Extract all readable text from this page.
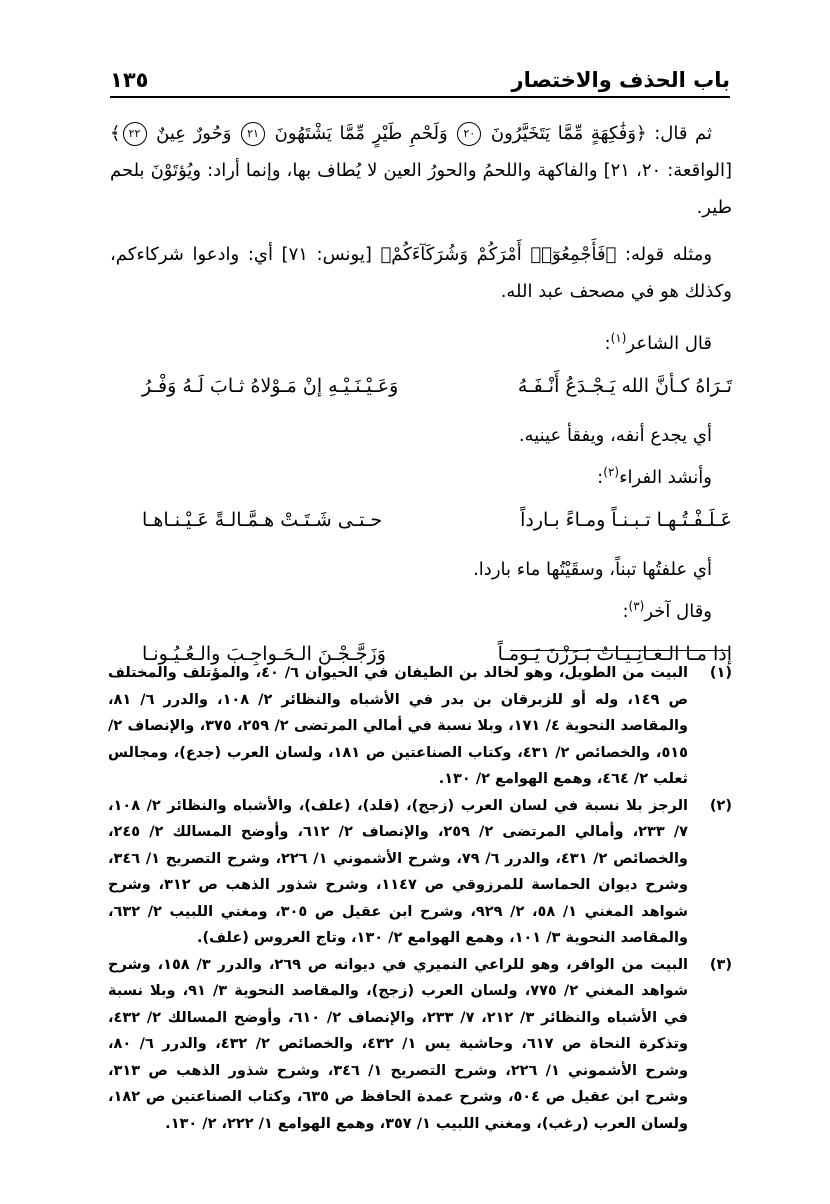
باب الحذف والاختصار
١٣٥

ثم قال: ﴿وَفَٰكِهَةٍ مِّمَّا يَتَخَيَّرُونَ ٢٠ وَلَحْمِ طَيْرٍ مِّمَّا يَشْتَهُونَ ٢١ وَحُورٌ عِينٌ ٢٢﴾ [الواقعة: ٢٠، ٢١] والفاكهة واللحمُ والحورُ العين لا يُطاف بها، وإنما أراد: ويُؤتَوْنَ بلحم طير.

ومثله قوله: ﴿فَأَجْمِعُوٓا۟ أَمْرَكُمْ وَشُرَكَآءَكُمْ﴾ [يونس: ٧١] أي: وادعوا شركاءكم، وكذلك هو في مصحف عبد الله.

قال الشاعر$^{(١)}$:
تَـرَاهُ كـأنَّ الله يَـجْـدَعُ أَنْـفَـهُ
وَعَـيْـنَـيْـهِ إنْ مَـوْلاهُ ثـابَ لَـهُ وَفْـرُ
أي يجدع أنفه، ويفقأ عينيه.
وأنشد الفراء$^{(٢)}$:
عَـلَـفْـتُـهـا تـبـنـاً ومـاءً بـارداً
حـتـى شَـتَـتْ هـمَّـالـةً عَـيْـنـاهـا
أي علفتُها تبناً، وسقَيْتُها ماء باردا.
وقال آخر$^{(٣)}$:
إذا مـا الـغـانِـيـاتُ بَـرَزْنَ يَـومـاً
وَزَجَّـجْـنَ الـحَـواجِـبَ والـعُـيُـونـا
(١)
البيت من الطويل، وهو لخالد بن الطيفان في الحيوان ٦/ ٤٠، والمؤتلف والمختلف ص ١٤٩، وله أو للزبرقان بن بدر في الأشباه والنظائر ٢/ ١٠٨، والدرر ٦/ ٨١، والمقاصد النحوية ٤/ ١٧١، وبلا نسبة في أمالي المرتضى ٢/ ٢٥٩، ٣٧٥، والإنصاف ٢/ ٥١٥، والخصائص ٢/ ٤٣١، وكتاب الصناعتين ص ١٨١، ولسان العرب (جدع)، ومجالس ثعلب ٢/ ٤٦٤، وهمع الهوامع ٢/ ١٣٠.
(٢)
الرجز بلا نسبة في لسان العرب (زجج)، (قلد)، (علف)، والأشباه والنظائر ٢/ ١٠٨، ٧/ ٢٣٣، وأمالي المرتضى ٢/ ٢٥٩، والإنصاف ٢/ ٦١٢، وأوضح المسالك ٢/ ٢٤٥، والخصائص ٢/ ٤٣١، والدرر ٦/ ٧٩، وشرح الأشموني ١/ ٢٢٦، وشرح التصريح ١/ ٣٤٦، وشرح ديوان الحماسة للمرزوقي ص ١١٤٧، وشرح شذور الذهب ص ٣١٢، وشرح شواهد المغني ١/ ٥٨، ٢/ ٩٢٩، وشرح ابن عقيل ص ٣٠٥، ومغني اللبيب ٢/ ٦٣٢، والمقاصد النحوية ٣/ ١٠١، وهمع الهوامع ٢/ ١٣٠، وتاج العروس (علف).
(٣)
البيت من الوافر، وهو للراعي النميري في ديوانه ص ٢٦٩، والدرر ٣/ ١٥٨، وشرح شواهد المغني ٢/ ٧٧٥، ولسان العرب (زجج)، والمقاصد النحوية ٣/ ٩١، وبلا نسبة في الأشباه والنظائر ٣/ ٢١٢، ٧/ ٢٣٣، والإنصاف ٢/ ٦١٠، وأوضح المسالك ٢/ ٤٣٢، وتذكرة النحاة ص ٦١٧، وحاشية يس ١/ ٤٣٢، والخصائص ٢/ ٤٣٢، والدرر ٦/ ٨٠، وشرح الأشموني ١/ ٢٢٦، وشرح التصريح ١/ ٣٤٦، وشرح شذور الذهب ص ٣١٣، وشرح ابن عقيل ص ٥٠٤، وشرح عمدة الحافظ ص ٦٣٥، وكتاب الصناعتين ص ١٨٢، ولسان العرب (رغب)، ومغني اللبيب ١/ ٣٥٧، وهمع الهوامع ١/ ٢٢٢، ٢/ ١٣٠.
